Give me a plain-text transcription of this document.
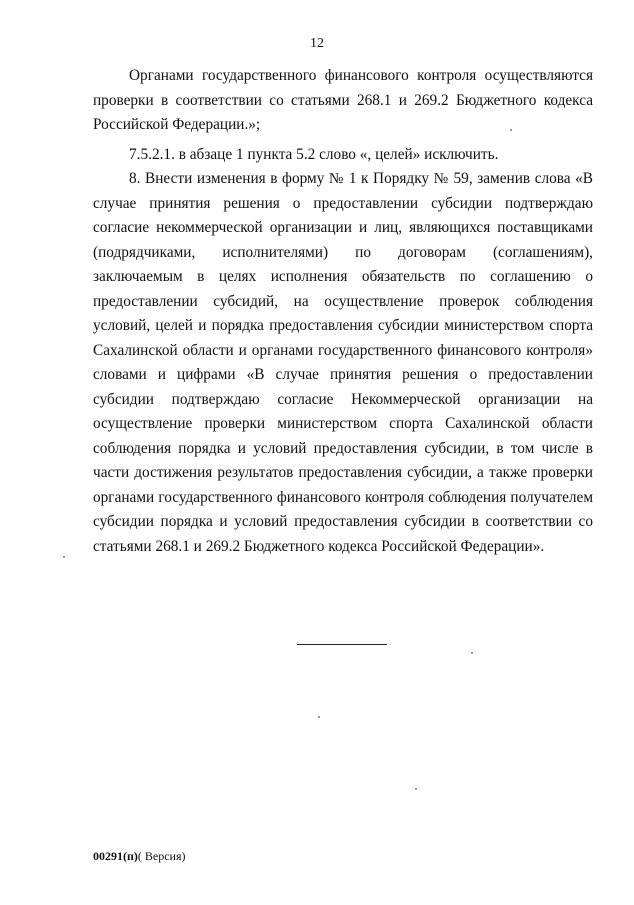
12

Органами государственного финансового контроля осуществляются проверки в соответствии со статьями 268.1 и 269.2 Бюджетного кодекса Российской Федерации.»;

7.5.2.1. в абзаце 1 пункта 5.2 слово «, целей» исключить.

8. Внести изменения в форму № 1 к Порядку № 59, заменив слова «В случае принятия решения о предоставлении субсидии подтверждаю согласие некоммерческой организации и лиц, являющихся поставщиками (подрядчиками, исполнителями) по договорам (соглашениям), заключаемым в целях исполнения обязательств по соглашению о предоставлении субсидий, на осуществление проверок соблюдения условий, целей и порядка предоставления субсидии министерством спорта Сахалинской области и органами государственного финансового контроля» словами и цифрами «В случае принятия решения о предоставлении субсидии подтверждаю согласие Некоммерческой организации на осуществление проверки министерством спорта Сахалинской области соблюдения порядка и условий предоставления субсидии, в том числе в части достижения результатов предоставления субсидии, а также проверки органами государственного финансового контроля соблюдения получателем субсидии порядка и условий предоставления субсидии в соответствии со статьями 268.1 и 269.2 Бюджетного кодекса Российской Федерации».

00291(п)( Версия)
